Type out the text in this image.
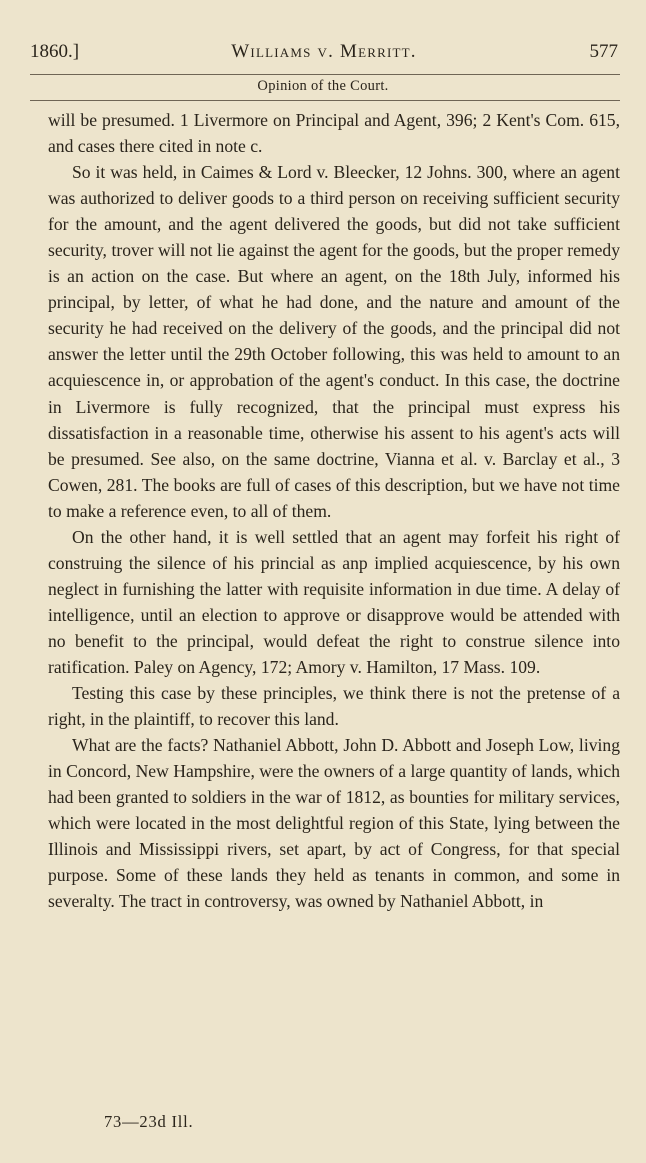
1860.]	Williams v. Merritt.	577
Opinion of the Court.

will be presumed. 1 Livermore on Principal and Agent, 396; 2 Kent's Com. 615, and cases there cited in note c.

So it was held, in Caimes & Lord v. Bleecker, 12 Johns. 300, where an agent was authorized to deliver goods to a third person on receiving sufficient security for the amount, and the agent delivered the goods, but did not take sufficient security, trover will not lie against the agent for the goods, but the proper remedy is an action on the case. But where an agent, on the 18th July, informed his principal, by letter, of what he had done, and the nature and amount of the security he had received on the delivery of the goods, and the principal did not answer the letter until the 29th October following, this was held to amount to an acquiescence in, or approbation of the agent's conduct. In this case, the doctrine in Livermore is fully recognized, that the principal must express his dissatisfaction in a reasonable time, otherwise his assent to his agent's acts will be presumed. See also, on the same doctrine, Vianna et al. v. Barclay et al., 3 Cowen, 281. The books are full of cases of this description, but we have not time to make a reference even, to all of them.

On the other hand, it is well settled that an agent may forfeit his right of construing the silence of his princial as anp implied acquiescence, by his own neglect in furnishing the latter with requisite information in due time. A delay of intelligence, until an election to approve or disapprove would be attended with no benefit to the principal, would defeat the right to construe silence into ratification. Paley on Agency, 172; Amory v. Hamilton, 17 Mass. 109.

Testing this case by these principles, we think there is not the pretense of a right, in the plaintiff, to recover this land.

What are the facts? Nathaniel Abbott, John D. Abbott and Joseph Low, living in Concord, New Hampshire, were the owners of a large quantity of lands, which had been granted to soldiers in the war of 1812, as bounties for military services, which were located in the most delightful region of this State, lying between the Illinois and Mississippi rivers, set apart, by act of Congress, for that special purpose. Some of these lands they held as tenants in common, and some in severalty. The tract in controversy, was owned by Nathaniel Abbott, in

73—23d Ill.
